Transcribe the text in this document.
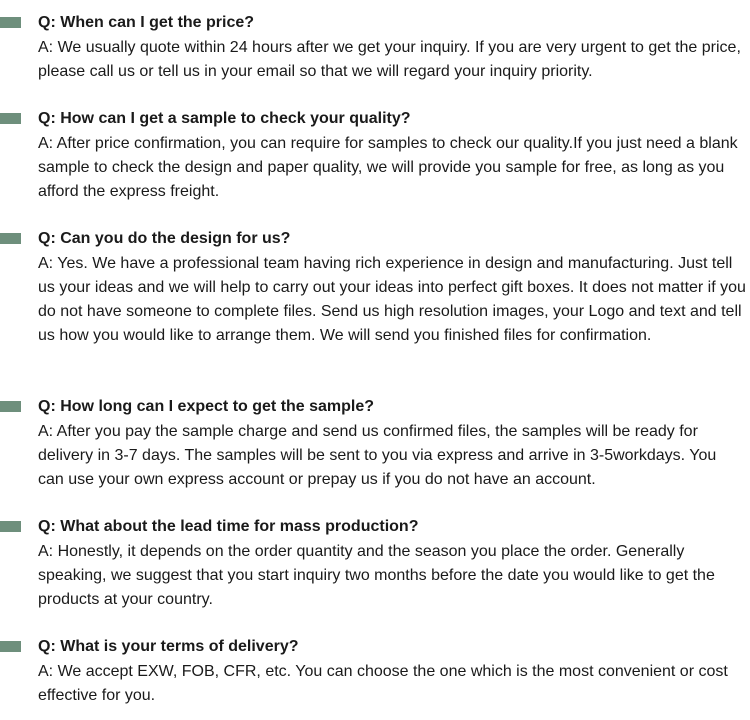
Q: When can I get the price?

A: We usually quote within 24 hours after we get your inquiry. If you are very urgent to get the price, please call us or tell us in your email so that we will regard your inquiry priority.

Q: How can I get a sample to check your quality?

A: After price confirmation, you can require for samples to check our quality.If you just need a blank sample to check the design and paper quality, we will provide you sample for free, as long as you afford the express freight.

Q: Can you do the design for us?

A: Yes. We have a professional team having rich experience in design and manufacturing. Just tell us your ideas and we will help to carry out your ideas into perfect gift boxes. It does not matter if you do not have someone to complete files. Send us high resolution images, your Logo and text and tell us how you would like to arrange them. We will send you finished files for confirmation.

Q: How long can I expect to get the sample?

A: After you pay the sample charge and send us confirmed files, the samples will be ready for delivery in 3-7 days. The samples will be sent to you via express and arrive in 3-5workdays. You can use your own express account or prepay us if you do not have an account.

Q: What about the lead time for mass production?

A: Honestly, it depends on the order quantity and the season you place the order. Generally speaking, we suggest that you start inquiry two months before the date you would like to get the products at your country.

Q: What is your terms of delivery?

A: We accept EXW, FOB, CFR, etc. You can choose the one which is the most convenient or cost effective for you.
